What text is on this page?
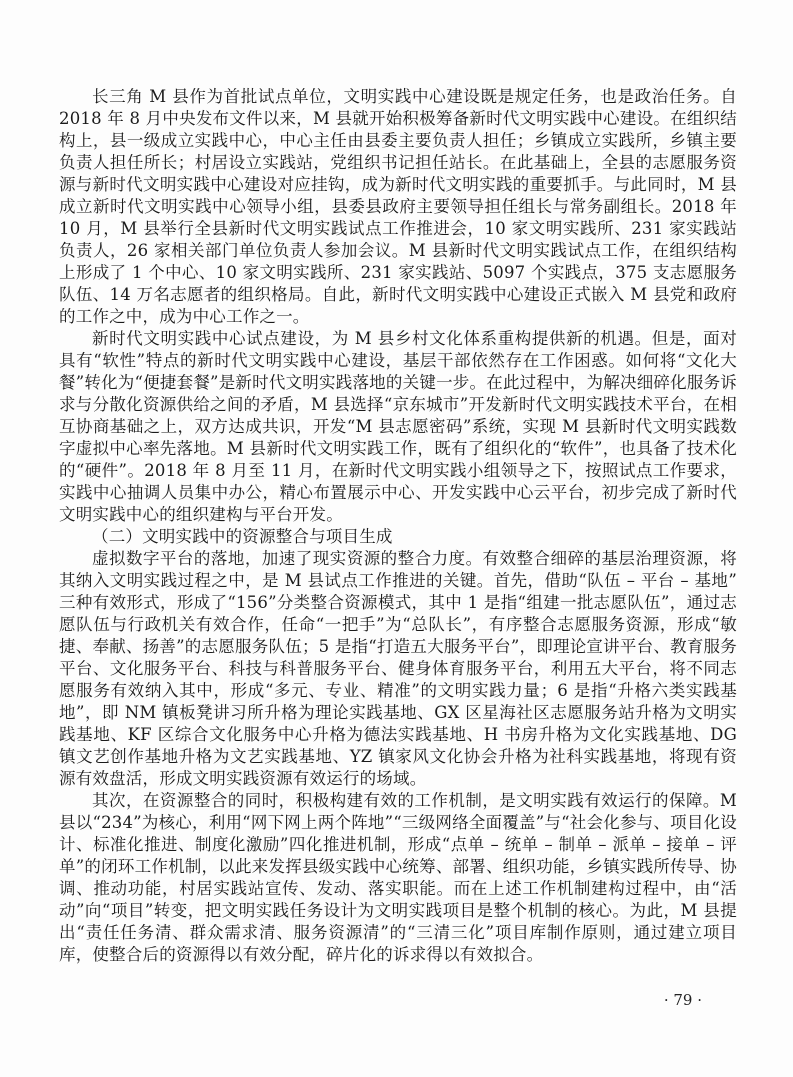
长三角 M 县作为首批试点单位，文明实践中心建设既是规定任务，也是政治任务。自 2018 年 8 月中央发布文件以来，M 县就开始积极筹备新时代文明实践中心建设。在组织结构上，县一级成立实践中心，中心主任由县委主要负责人担任；乡镇成立实践所，乡镇主要负责人担任所长；村居设立实践站，党组织书记担任站长。在此基础上，全县的志愿服务资源与新时代文明实践中心建设对应挂钩，成为新时代文明实践的重要抓手。与此同时，M 县成立新时代文明实践中心领导小组，县委县政府主要领导担任组长与常务副组长。2018 年 10 月，M 县举行全县新时代文明实践试点工作推进会，10 家文明实践所、231 家实践站负责人，26 家相关部门单位负责人参加会议。M 县新时代文明实践试点工作，在组织结构上形成了 1 个中心、10 家文明实践所、231 家实践站、5097 个实践点，375 支志愿服务队伍、14 万名志愿者的组织格局。自此，新时代文明实践中心建设正式嵌入 M 县党和政府的工作之中，成为中心工作之一。

新时代文明实践中心试点建设，为 M 县乡村文化体系重构提供新的机遇。但是，面对具有“软性”特点的新时代文明实践中心建设，基层干部依然存在工作困惑。如何将“文化大餐”转化为“便捷套餐”是新时代文明实践落地的关键一步。在此过程中，为解决细碎化服务诉求与分散化资源供给之间的矛盾，M 县选择“京东城市”开发新时代文明实践技术平台，在相互协商基础之上，双方达成共识，开发“M 县志愿密码”系统，实现 M 县新时代文明实践数字虚拟中心率先落地。M 县新时代文明实践工作，既有了组织化的“软件”，也具备了技术化的“硬件”。2018 年 8 月至 11 月，在新时代文明实践小组领导之下，按照试点工作要求，实践中心抽调人员集中办公，精心布置展示中心、开发实践中心云平台，初步完成了新时代文明实践中心的组织建构与平台开发。

（二）文明实践中的资源整合与项目生成

虚拟数字平台的落地，加速了现实资源的整合力度。有效整合细碎的基层治理资源，将其纳入文明实践过程之中，是 M 县试点工作推进的关键。首先，借助“队伍 – 平台 – 基地”三种有效形式，形成了“156”分类整合资源模式，其中 1 是指“组建一批志愿队伍”，通过志愿队伍与行政机关有效合作，任命“一把手”为“总队长”，有序整合志愿服务资源，形成“敏捷、奉献、扬善”的志愿服务队伍；5 是指“打造五大服务平台”，即理论宣讲平台、教育服务平台、文化服务平台、科技与科普服务平台、健身体育服务平台，利用五大平台，将不同志愿服务有效纳入其中，形成“多元、专业、精准”的文明实践力量；6 是指“升格六类实践基地”，即 NM 镇板凳讲习所升格为理论实践基地、GX 区星海社区志愿服务站升格为文明实践基地、KF 区综合文化服务中心升格为德法实践基地、H 书房升格为文化实践基地、DG 镇文艺创作基地升格为文艺实践基地、YZ 镇家风文化协会升格为社科实践基地，将现有资源有效盘活，形成文明实践资源有效运行的场域。

其次，在资源整合的同时，积极构建有效的工作机制，是文明实践有效运行的保障。M 县以“234”为核心，利用“网下网上两个阵地”“三级网络全面覆盖”与“社会化参与、项目化设计、标准化推进、制度化激励”四化推进机制，形成“点单 – 统单 – 制单 – 派单 – 接单 – 评单”的闭环工作机制，以此来发挥县级实践中心统筹、部署、组织功能，乡镇实践所传导、协调、推动功能，村居实践站宣传、发动、落实职能。而在上述工作机制建构过程中，由“活动”向“项目”转变，把文明实践任务设计为文明实践项目是整个机制的核心。为此，M 县提出“责任任务清、群众需求清、服务资源清”的“三清三化”项目库制作原则，通过建立项目库，使整合后的资源得以有效分配，碎片化的诉求得以有效拟合。

· 79 ·
